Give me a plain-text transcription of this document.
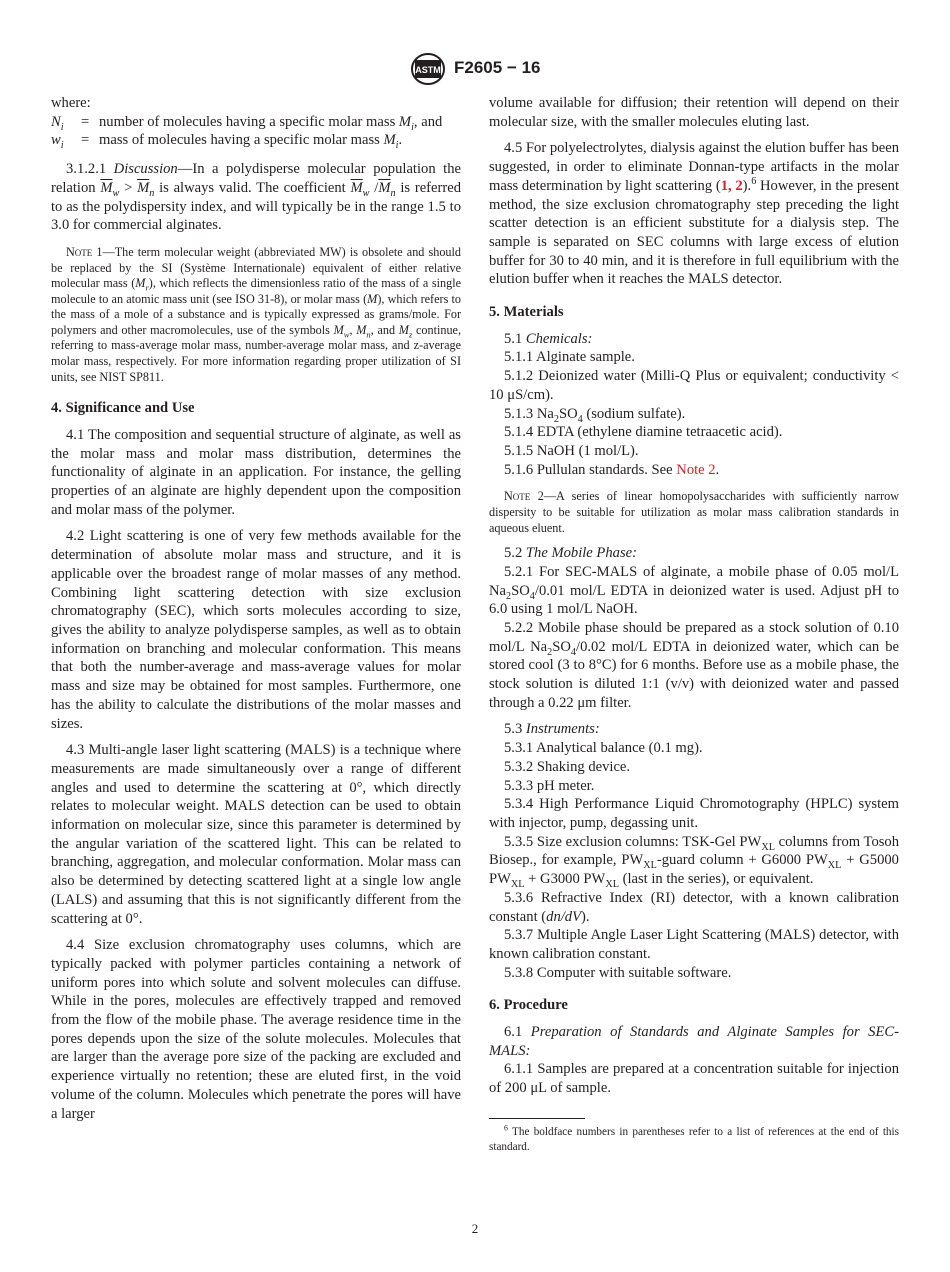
ASTM F2605 − 16

where:

$N_i$	= number of molecules having a specific molar mass $M_i$, and
$w_i$	= mass of molecules having a specific molar mass $M_i$.

3.1.2.1 Discussion—In a polydisperse molecular population the relation $\overline{M}_w > \overline{M}_n$ is always valid. The coefficient $\overline{M}_w$ $/\overline{M}_n$ is referred to as the polydispersity index, and will typically be in the range 1.5 to 3.0 for commercial alginates.

Note 1—The term molecular weight (abbreviated MW) is obsolete and should be replaced by the SI (Système Internationale) equivalent of either relative molecular mass $(M_r)$, which reflects the dimensionless ratio of the mass of a single molecule to an atomic mass unit (see ISO 31-8), or molar mass (M), which refers to the mass of a mole of a substance and is typically expressed as grams/mole. For polymers and other macromolecules, use of the symbols $M_w$, $M_n$, and $M_z$ continue, referring to mass-average molar mass, number-average molar mass, and z-average molar mass, respectively. For more information regarding proper utilization of SI units, see NIST SP811.

4. Significance and Use

4.1 The composition and sequential structure of alginate, as well as the molar mass and molar mass distribution, determines the functionality of alginate in an application. For instance, the gelling properties of an alginate are highly dependent upon the composition and molar mass of the polymer.

4.2 Light scattering is one of very few methods available for the determination of absolute molar mass and structure, and it is applicable over the broadest range of molar masses of any method. Combining light scattering detection with size exclusion chromatography (SEC), which sorts molecules according to size, gives the ability to analyze polydisperse samples, as well as to obtain information on branching and molecular conformation. This means that both the number-average and mass-average values for molar mass and size may be obtained for most samples. Furthermore, one has the ability to calculate the distributions of the molar masses and sizes.

4.3 Multi-angle laser light scattering (MALS) is a technique where measurements are made simultaneously over a range of different angles and used to determine the scattering at 0°, which directly relates to molecular weight. MALS detection can be used to obtain information on molecular size, since this parameter is determined by the angular variation of the scattered light. This can be related to branching, aggregation, and molecular conformation. Molar mass can also be determined by detecting scattered light at a single low angle (LALS) and assuming that this is not significantly different from the scattering at 0°.

4.4 Size exclusion chromatography uses columns, which are typically packed with polymer particles containing a network of uniform pores into which solute and solvent molecules can diffuse. While in the pores, molecules are effectively trapped and removed from the flow of the mobile phase. The average residence time in the pores depends upon the size of the solute molecules. Molecules that are larger than the average pore size of the packing are excluded and experience virtually no retention; these are eluted first, in the void volume of the column. Molecules which penetrate the pores will have a larger

volume available for diffusion; their retention will depend on their molecular size, with the smaller molecules eluting last.

4.5 For polyelectrolytes, dialysis against the elution buffer has been suggested, in order to eliminate Donnan-type artifacts in the molar mass determination by light scattering (1, 2).$^6$ However, in the present method, the size exclusion chromatography step preceding the light scatter detection is an efficient substitute for a dialysis step. The sample is separated on SEC columns with large excess of elution buffer for 30 to 40 min, and it is therefore in full equilibrium with the elution buffer when it reaches the MALS detector.

5. Materials

5.1 Chemicals:

5.1.1 Alginate sample.

5.1.2 Deionized water (Milli-Q Plus or equivalent; conductivity < 10 μS/cm).

5.1.3 $Na_2SO_4$ (sodium sulfate).

5.1.4 EDTA (ethylene diamine tetraacetic acid).

5.1.5 NaOH (1 mol/L).

5.1.6 Pullulan standards. See Note 2.

Note 2—A series of linear homopolysaccharides with sufficiently narrow dispersity to be suitable for utilization as molar mass calibration standards in aqueous eluent.

5.2 The Mobile Phase:

5.2.1 For SEC-MALS of alginate, a mobile phase of 0.05 mol/L $Na_2SO_4/0.01$ mol/L EDTA in deionized water is used. Adjust pH to 6.0 using 1 mol/L NaOH.

5.2.2 Mobile phase should be prepared as a stock solution of 0.10 mol/L $Na_2SO_4/0.02$ mol/L EDTA in deionized water, which can be stored cool (3 to 8°C) for 6 months. Before use as a mobile phase, the stock solution is diluted 1:1 (v/v) with deionized water and passed through a 0.22 μm filter.

5.3 Instruments:

5.3.1 Analytical balance (0.1 mg).

5.3.2 Shaking device.

5.3.3 pH meter.

5.3.4 High Performance Liquid Chromotography (HPLC) system with injector, pump, degassing unit.

5.3.5 Size exclusion columns: TSK-Gel $PW_{XL}$ columns from Tosoh Biosep., for example, $PW_{XL}$-guard column + G6000 $PW_{XL} + G5000$ $PW_{XL} + G3000$ $PW_{XL}$ (last in the series), or equivalent.

5.3.6 Refractive Index (RI) detector, with a known calibration constant (dn/dV).

5.3.7 Multiple Angle Laser Light Scattering (MALS) detector, with known calibration constant.

5.3.8 Computer with suitable software.

6. Procedure

6.1 Preparation of Standards and Alginate Samples for SEC-MALS:

6.1.1 Samples are prepared at a concentration suitable for injection of 200 μL of sample.

$^6$ The boldface numbers in parentheses refer to a list of references at the end of this standard.

2
